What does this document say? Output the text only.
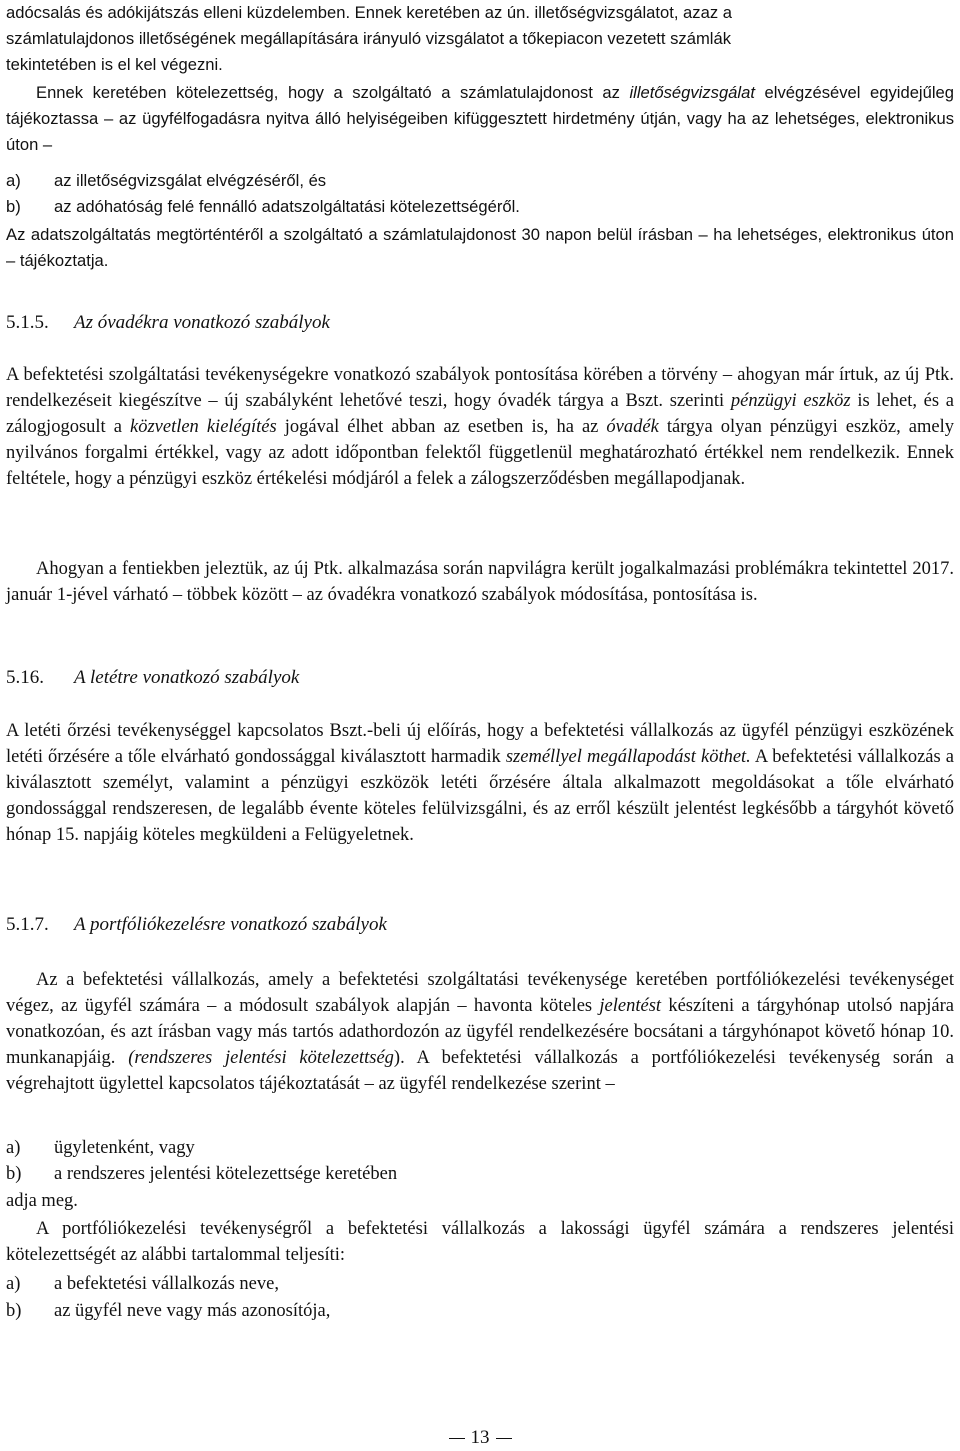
adócsalás és adókijátszás elleni küzdelemben. Ennek keretében az ún. illetőségvizsgálatot, azaz a

számlatulajdonos illetőségének megállapítására irányuló vizsgálatot a tőkepiacon vezetett számlák

tekintetében is el kel végezni.

Ennek keretében kötelezettség, hogy a szolgáltató a számlatulajdonost az illetőségvizsgálat elvégzésével egyidejűleg tájékoztassa – az ügyfélfogadásra nyitva álló helyiségeiben kifüggesztett hirdetmény útján, vagy ha az lehetséges, elektronikus úton –

a) az illetőségvizsgálat elvégzéséről, és

b) az adóhatóság felé fennálló adatszolgáltatási kötelezettségéről.

Az adatszolgáltatás megtörténtéről a szolgáltató a számlatulajdonost 30 napon belül írásban – ha lehetséges, elektronikus úton – tájékoztatja.

5.1.5. Az óvadékra vonatkozó szabályok

A befektetési szolgáltatási tevékenységekre vonatkozó szabályok pontosítása körében a törvény – ahogyan már írtuk, az új Ptk. rendelkezéseit kiegészítve – új szabályként lehetővé teszi, hogy óvadék tárgya a Bszt. szerinti pénzügyi eszköz is lehet, és a zálogjogosult a közvetlen kielégítés jogával élhet abban az esetben is, ha az óvadék tárgya olyan pénzügyi eszköz, amely nyilvános forgalmi értékkel, vagy az adott időpontban felektől függetlenül meghatározható értékkel nem rendelkezik. Ennek feltétele, hogy a pénzügyi eszköz értékelési módjáról a felek a zálogszerződésben megállapodjanak.

Ahogyan a fentiekben jeleztük, az új Ptk. alkalmazása során napvilágra került jogalkalmazási problémákra tekintettel 2017. január 1-jével várható – többek között – az óvadékra vonatkozó szabályok módosítása, pontosítása is.

5.16. A letétre vonatkozó szabályok

A letéti őrzési tevékenységgel kapcsolatos Bszt.-beli új előírás, hogy a befektetési vállalkozás az ügyfél pénzügyi eszközének letéti őrzésére a tőle elvárható gondossággal kiválasztott harmadik személlyel megállapodást köthet. A befektetési vállalkozás a kiválasztott személyt, valamint a pénzügyi eszközök letéti őrzésére általa alkalmazott megoldásokat a tőle elvárható gondossággal rendszeresen, de legalább évente köteles felülvizsgálni, és az erről készült jelentést legkésőbb a tárgyhót követő hónap 15. napjáig köteles megküldeni a Felügyeletnek.

5.1.7. A portfóliókezelésre vonatkozó szabályok

Az a befektetési vállalkozás, amely a befektetési szolgáltatási tevékenysége keretében portfóliókezelési tevékenységet végez, az ügyfél számára – a módosult szabályok alapján – havonta köteles jelentést készíteni a tárgyhónap utolsó napjára vonatkozóan, és azt írásban vagy más tartós adathordozón az ügyfél rendelkezésére bocsátani a tárgyhónapot követő hónap 10. munkanapjáig. (rendszeres jelentési kötelezettség). A befektetési vállalkozás a portfóliókezelési tevékenység során a végrehajtott ügylettel kapcsolatos tájékoztatását – az ügyfél rendelkezése szerint –

a) ügyletenként, vagy

b) a rendszeres jelentési kötelezettsége keretében

adja meg.

A portfóliókezelési tevékenységről a befektetési vállalkozás a lakossági ügyfél számára a rendszeres jelentési kötelezettségét az alábbi tartalommal teljesíti:

a) a befektetési vállalkozás neve,

b) az ügyfél neve vagy más azonosítója,

13
